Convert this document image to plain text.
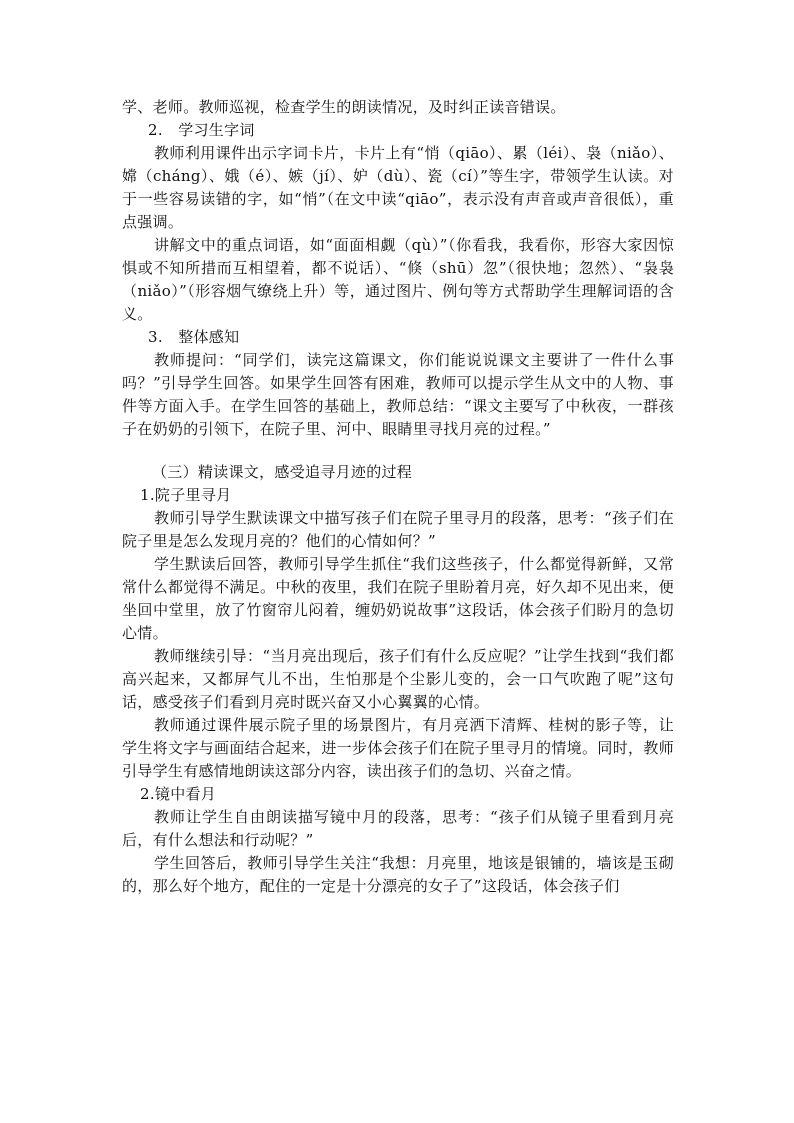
学、老师。教师巡视，检查学生的朗读情况，及时纠正读音错误。

2.　学习生字词

教师利用课件出示字词卡片，卡片上有“悄（qiāo）、累（léi）、袅（niǎo）、嫦（cháng）、娥（é）、嫉（jí）、妒（dù）、瓷（cí）”等生字，带领学生认读。对于一些容易读错的字，如“悄”（在文中读“qiāo”，表示没有声音或声音很低），重点强调。

讲解文中的重点词语，如“面面相觑（qù）”（你看我，我看你，形容大家因惊惧或不知所措而互相望着，都不说话）、“倏（shū）忽”（很快地；忽然）、“袅袅（niǎo）”（形容烟气缭绕上升）等，通过图片、例句等方式帮助学生理解词语的含义。

3.　整体感知

教师提问：“同学们，读完这篇课文，你们能说说课文主要讲了一件什么事吗？”引导学生回答。如果学生回答有困难，教师可以提示学生从文中的人物、事件等方面入手。在学生回答的基础上，教师总结：“课文主要写了中秋夜，一群孩子在奶奶的引领下，在院子里、河中、眼睛里寻找月亮的过程。”

（三）精读课文，感受追寻月迹的过程

1.院子里寻月

教师引导学生默读课文中描写孩子们在院子里寻月的段落，思考：“孩子们在院子里是怎么发现月亮的？他们的心情如何？”

学生默读后回答，教师引导学生抓住“我们这些孩子，什么都觉得新鲜，又常常什么都觉得不满足。中秋的夜里，我们在院子里盼着月亮，好久却不见出来，便坐回中堂里，放了竹窗帘儿闷着，缠奶奶说故事”这段话，体会孩子们盼月的急切心情。

教师继续引导：“当月亮出现后，孩子们有什么反应呢？”让学生找到“我们都高兴起来，又都屏气儿不出，生怕那是个尘影儿变的，会一口气吹跑了呢”这句话，感受孩子们看到月亮时既兴奋又小心翼翼的心情。

教师通过课件展示院子里的场景图片，有月亮洒下清辉、桂树的影子等，让学生将文字与画面结合起来，进一步体会孩子们在院子里寻月的情境。同时，教师引导学生有感情地朗读这部分内容，读出孩子们的急切、兴奋之情。

2.镜中看月

教师让学生自由朗读描写镜中月的段落，思考：“孩子们从镜子里看到月亮后，有什么想法和行动呢？”

学生回答后，教师引导学生关注“我想：月亮里，地该是银铺的，墙该是玉砌的，那么好个地方，配住的一定是十分漂亮的女子了”这段话，体会孩子们
